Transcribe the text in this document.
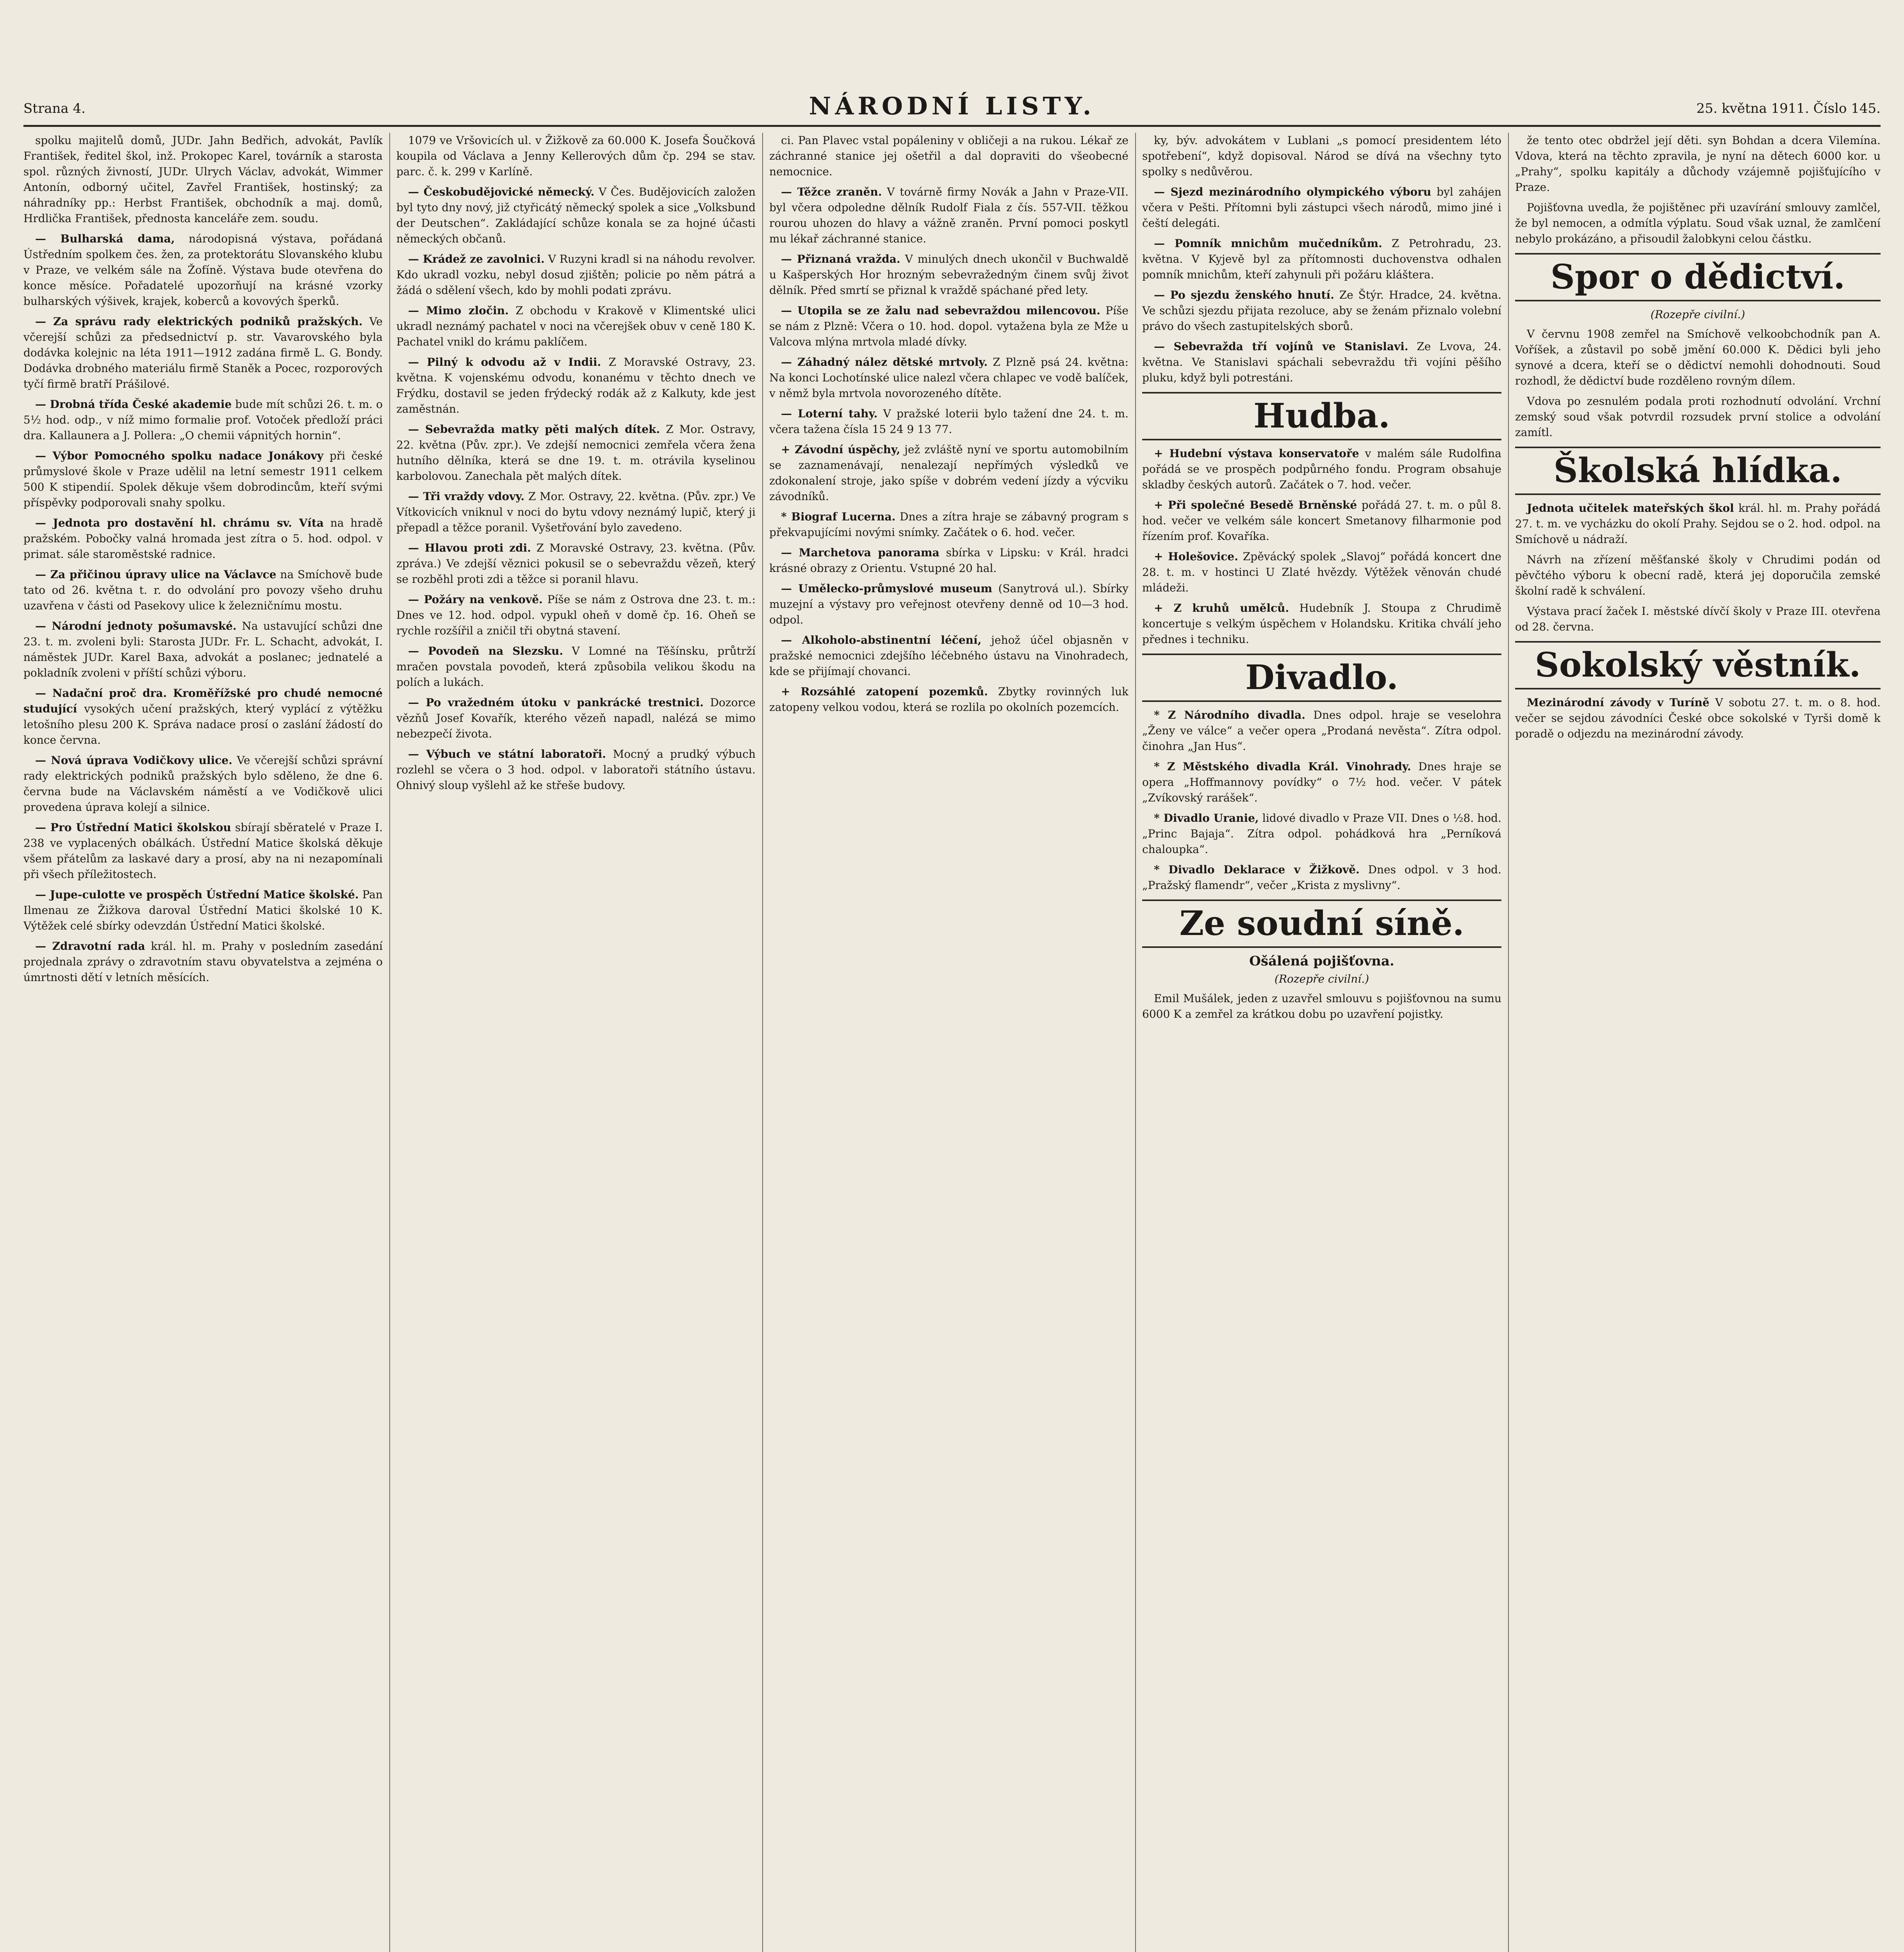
Strana 4.	NÁRODNÍ LISTY.	25. května 1911. Číslo 145.

spolku majitelů domů, JUDr. Jahn Bedřich, advokát, Pavlík František, ředitel škol, inž. Prokopec Karel, továrník a starosta spol. různých živností, JUDr. Ulrych Václav, advokát, Wimmer Antonín, odborný učitel, Zavřel František, hostinský; za náhradníky pp.: Herbst František, obchodník a maj. domů, Hrdlička František, přednosta kanceláře zem. soudu.

— Bulharská dama, národopisná výstava, pořádaná Ústředním spolkem čes. žen, za protektorátu Slovanského klubu v Praze, ve velkém sále na Žofíně. Výstava bude otevřena do konce měsíce. Pořadatelé upozorňují na krásné vzorky bulharských výšivek, krajek, koberců a kovových šperků.

— Za správu rady elektrických podniků pražských. Ve včerejší schůzi za předsednictví p. str. Vavarovského byla dodávka kolejnic na léta 1911—1912 zadána firmě L. G. Bondy. Dodávka drobného materiálu firmě Staněk a Pocec, rozporových tyčí firmě bratří Prášilové.

— Drobná třída České akademie bude mít schůzi 26. t. m. o 5½ hod. odp., v níž mimo formalie prof. Votoček předloží práci dra. Kallaunera a J. Pollera: „O chemii vápnitých hornin“.

— Výbor Pomocného spolku nadace Jonákovy při české průmyslové škole v Praze udělil na letní semestr 1911 celkem 500 K stipendií. Spolek děkuje všem dobrodincům, kteří svými příspěvky podporovali snahy spolku.

— Jednota pro dostavění hl. chrámu sv. Víta na hradě pražském. Pobočky valná hromada jest zítra o 5. hod. odpol. v primat. sále staroměstské radnice.

— Za přičinou úpravy ulice na Václavce na Smíchově bude tato od 26. května t. r. do odvolání pro povozy všeho druhu uzavřena v části od Pasekovy ulice k železničnímu mostu.

— Národní jednoty pošumavské. Na ustavující schůzi dne 23. t. m. zvoleni byli: Starosta JUDr. Fr. L. Schacht, advokát, I. náměstek JUDr. Karel Baxa, advokát a poslanec; jednatelé a pokladník zvoleni v příští schůzi výboru.

— Nadační proč dra. Kroměřížské pro chudé nemocné studující vysokých učení pražských, který vyplácí z výtěžku letošního plesu 200 K. Správa nadace prosí o zaslání žádostí do konce června.

— Nová úprava Vodičkovy ulice. Ve včerejší schůzi správní rady elektrických podniků pražských bylo sděleno, že dne 6. června bude na Václavském náměstí a ve Vodičkově ulici provedena úprava kolejí a silnice.

— Pro Ústřední Matici školskou sbírají sběratelé v Praze I. 238 ve vyplacených obálkách. Ústřední Matice školská děkuje všem přátelům za laskavé dary a prosí, aby na ni nezapomínali při všech příležitostech.

— Jupe-culotte ve prospěch Ústřední Matice školské. Pan Ilmenau ze Žižkova daroval Ústřední Matici školské 10 K. Výtěžek celé sbírky odevzdán Ústřední Matici školské.

— Zdravotní rada král. hl. m. Prahy v posledním zasedání projednala zprávy o zdravotním stavu obyvatelstva a zejména o úmrtnosti dětí v letních měsících.

1079 ve Vršovicích ul. v Žižkově za 60.000 K. Josefa Šoučková koupila od Václava a Jenny Kellerových dům čp. 294 se stav. parc. č. k. 299 v Karlíně.

— Českobudějovické německý. V Čes. Budějovicích založen byl tyto dny nový, již ctyřicátý německý spolek a sice „Volksbund der Deutschen“. Zakládající schůze konala se za hojné účasti německých občanů.

— Krádež ze zavolnici. V Ruzyni kradl si na náhodu revolver. Kdo ukradl vozku, nebyl dosud zjištěn; policie po něm pátrá a žádá o sdělení všech, kdo by mohli podati zprávu.

— Mimo zločin. Z obchodu v Krakově v Klimentské ulici ukradl neznámý pachatel v noci na včerejšek obuv v ceně 180 K. Pachatel vnikl do krámu paklíčem.

— Pilný k odvodu až v Indii. Z Moravské Ostravy, 23. května. K vojenskému odvodu, konanému v těchto dnech ve Frýdku, dostavil se jeden frýdecký rodák až z Kalkuty, kde jest zaměstnán.

— Sebevražda matky pěti malých dítek. Z Mor. Ostravy, 22. května (Pův. zpr.). Ve zdejší nemocnici zemřela včera žena hutního dělníka, která se dne 19. t. m. otrávila kyselinou karbolovou. Zanechala pět malých dítek.

— Tři vraždy vdovy. Z Mor. Ostravy, 22. května. (Pův. zpr.) Ve Vítkovicích vniknul v noci do bytu vdovy neznámý lupič, který ji přepadl a těžce poranil. Vyšetřování bylo zavedeno.

— Hlavou proti zdi. Z Moravské Ostravy, 23. května. (Pův. zpráva.) Ve zdejší věznici pokusil se o sebevraždu vězeň, který se rozběhl proti zdi a těžce si poranil hlavu.

— Požáry na venkově. Píše se nám z Ostrova dne 23. t. m.: Dnes ve 12. hod. odpol. vypukl oheň v domě čp. 16. Oheň se rychle rozšířil a zničil tři obytná stavení.

— Povodeň na Slezsku. V Lomné na Těšínsku, průtrží mračen povstala povodeň, která způsobila velikou škodu na polích a lukách.

— Po vražedném útoku v pankrácké trestnici. Dozorce vězňů Josef Kovařík, kterého vězeň napadl, nalézá se mimo nebezpečí života.

— Výbuch ve státní laboratoři. Mocný a prudký výbuch rozlehl se včera o 3 hod. odpol. v laboratoři státního ústavu. Ohnivý sloup vyšlehl až ke střeše budovy.

ci. Pan Plavec vstal popáleniny v obličeji a na rukou. Lékař ze záchranné stanice jej ošetřil a dal dopraviti do všeobecné nemocnice.

— Těžce zraněn. V továrně firmy Novák a Jahn v Praze-VII. byl včera odpoledne dělník Rudolf Fiala z čís. 557-VII. těžkou rourou uhozen do hlavy a vážně zraněn. První pomoci poskytl mu lékař záchranné stanice.

— Přiznaná vražda. V minulých dnech ukončil v Buchwaldě u Kašperských Hor hrozným sebevražedným činem svůj život dělník. Před smrtí se přiznal k vraždě spáchané před lety.

— Utopila se ze žalu nad sebevraždou milencovou. Píše se nám z Plzně: Včera o 10. hod. dopol. vytažena byla ze Mže u Valcova mlýna mrtvola mladé dívky.

— Záhadný nález dětské mrtvoly. Z Plzně psá 24. května: Na konci Lochotínské ulice nalezl včera chlapec ve vodě balíček, v němž byla mrtvola novorozeného dítěte.

— Loterní tahy. V pražské loterii bylo tažení dne 24. t. m. včera tažena čísla 15 24 9 13 77.

+ Závodní úspěchy, jež zvláště nyní ve sportu automobilním se zaznamenávají, nenalezají nepřímých výsledků ve zdokonalení stroje, jako spíše v dobrém vedení jízdy a výcviku závodníků.

* Biograf Lucerna. Dnes a zítra hraje se zábavný program s překvapujícími novými snímky. Začátek o 6. hod. večer.

— Marchetova panorama sbírka v Lipsku: v Král. hradci krásné obrazy z Orientu. Vstupné 20 hal.

— Umělecko-průmyslové museum (Sanytrová ul.). Sbírky muzejní a výstavy pro veřejnost otevřeny denně od 10—3 hod. odpol.

— Alkoholo-abstinentní léčení, jehož účel objasněn v pražské nemocnici zdejšího léčebného ústavu na Vinohradech, kde se přijímají chovanci.

+ Rozsáhlé zatopení pozemků. Zbytky rovinných luk zatopeny velkou vodou, která se rozlila po okolních pozemcích.

ky, býv. advokátem v Lublani „s pomocí presidentem léto spotřebení“, když dopisoval. Národ se dívá na všechny tyto spolky s nedůvěrou.

— Sjezd mezinárodního olympického výboru byl zahájen včera v Pešti. Přítomni byli zástupci všech národů, mimo jiné i čeští delegáti.

— Pomník mnichům mučedníkům. Z Petrohradu, 23. května. V Kyjevě byl za přítomnosti duchovenstva odhalen pomník mnichům, kteří zahynuli při požáru kláštera.

— Po sjezdu ženského hnutí. Ze Štýr. Hradce, 24. května. Ve schůzi sjezdu přijata rezoluce, aby se ženám přiznalo volební právo do všech zastupitelských sborů.

— Sebevražda tří vojínů ve Stanislavi. Ze Lvova, 24. května. Ve Stanislavi spáchali sebevraždu tři vojíni pěšího pluku, když byli potrestáni.

Hudba.

+ Hudební výstava konservatoře v malém sále Rudolfina pořádá se ve prospěch podpůrného fondu. Program obsahuje skladby českých autorů. Začátek o 7. hod. večer.

+ Při společné Besedě Brněnské pořádá 27. t. m. o půl 8. hod. večer ve velkém sále koncert Smetanovy filharmonie pod řízením prof. Kovaříka.

+ Holešovice. Zpěvácký spolek „Slavoj“ pořádá koncert dne 28. t. m. v hostinci U Zlaté hvězdy. Výtěžek věnován chudé mládeži.

+ Z kruhů umělců. Hudebník J. Stoupa z Chrudimě koncertuje s velkým úspěchem v Holandsku. Kritika chválí jeho přednes i techniku.

Divadlo.

* Z Národního divadla. Dnes odpol. hraje se veselohra „Ženy ve válce“ a večer opera „Prodaná nevěsta“. Zítra odpol. činohra „Jan Hus“.

* Z Městského divadla Král. Vinohrady. Dnes hraje se opera „Hoffmannovy povídky“ o 7½ hod. večer. V pátek „Zvíkovský rarášek“.

* Divadlo Uranie, lidové divadlo v Praze VII. Dnes o ½8. hod. „Princ Bajaja“. Zítra odpol. pohádková hra „Perníková chaloupka“.

* Divadlo Deklarace v Žižkově. Dnes odpol. v 3 hod. „Pražský flamendr“, večer „Krista z myslivny“.

Ze soudní síně.
Ošálená pojišťovna.
(Rozepře civilní.)

Emil Mušálek, jeden z uzavřel smlouvu s pojišťovnou na sumu 6000 K a zemřel za krátkou dobu po uzavření pojistky.

že tento otec obdržel její děti. syn Bohdan a dcera Vilemína. Vdova, která na těchto zpravila, je nyní na dětech 6000 kor. u „Prahy“, spolku kapitály a důchody vzájemně pojišťujícího v Praze.

Pojišťovna uvedla, že pojištěnec při uzavírání smlouvy zamlčel, že byl nemocen, a odmítla výplatu. Soud však uznal, že zamlčení nebylo prokázáno, a přisoudil žalobkyni celou částku.

Spor o dědictví.
(Rozepře civilní.)

V červnu 1908 zemřel na Smíchově velkoobchodník pan A. Voříšek, a zůstavil po sobě jmění 60.000 K. Dědici byli jeho synové a dcera, kteří se o dědictví nemohli dohodnouti. Soud rozhodl, že dědictví bude rozděleno rovným dílem.

Vdova po zesnulém podala proti rozhodnutí odvolání. Vrchní zemský soud však potvrdil rozsudek první stolice a odvolání zamítl.

Školská hlídka.

Jednota učitelek mateřských škol král. hl. m. Prahy pořádá 27. t. m. ve vycházku do okolí Prahy. Sejdou se o 2. hod. odpol. na Smíchově u nádraží.

Návrh na zřízení měšťanské školy v Chrudimi podán od pěvčtého výboru k obecní radě, která jej doporučila zemské školní radě k schválení.

Výstava prací žaček I. městské dívčí školy v Praze III. otevřena od 28. června.

Sokolský věstník.

Mezinárodní závody v Turíně V sobotu 27. t. m. o 8. hod. večer se sejdou závodníci České obce sokolské v Tyrši domě k poradě o odjezdu na mezinárodní závody.
